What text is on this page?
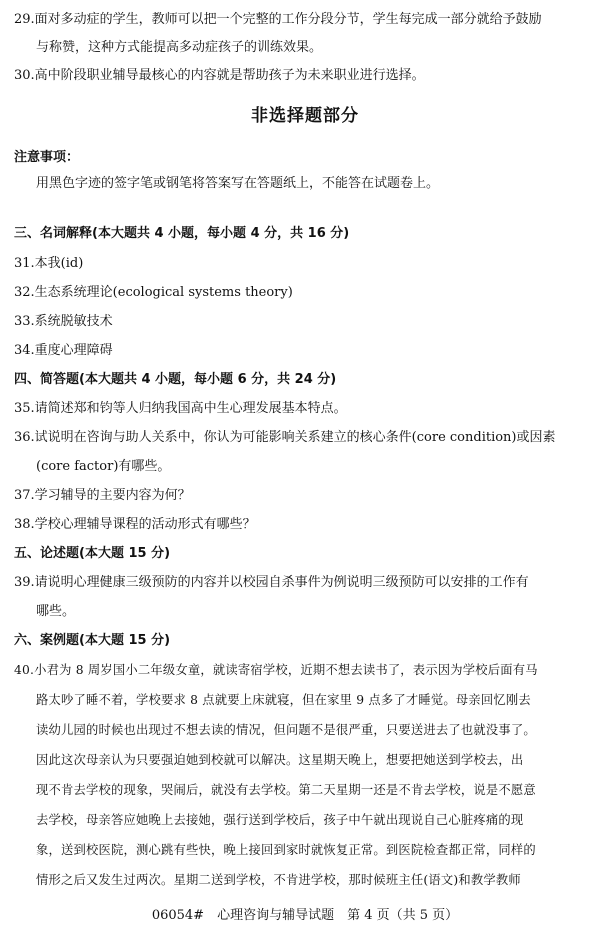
29.面对多动症的学生，教师可以把一个完整的工作分段分节，学生每完成一部分就给予鼓励
与称赞，这种方式能提高多动症孩子的训练效果。
30.高中阶段职业辅导最核心的内容就是帮助孩子为未来职业进行选择。
非选择题部分
注意事项：
用黑色字迹的签字笔或钢笔将答案写在答题纸上，不能答在试题卷上。
三、名词解释(本大题共 4 小题，每小题 4 分，共 16 分)
31.本我(id)
32.生态系统理论(ecological systems theory)
33.系统脱敏技术
34.重度心理障碍
四、简答题(本大题共 4 小题，每小题 6 分，共 24 分)
35.请简述郑和钧等人归纳我国高中生心理发展基本特点。
36.试说明在咨询与助人关系中，你认为可能影响关系建立的核心条件(core condition)或因素
(core factor)有哪些。
37.学习辅导的主要内容为何？
38.学校心理辅导课程的活动形式有哪些？
五、论述题(本大题 15 分)
39.请说明心理健康三级预防的内容并以校园自杀事件为例说明三级预防可以安排的工作有
哪些。
六、案例题(本大题 15 分)
40.小君为 8 周岁国小二年级女童，就读寄宿学校，近期不想去读书了，表示因为学校后面有马
路太吵了睡不着，学校要求 8 点就要上床就寝，但在家里 9 点多了才睡觉。母亲回忆刚去
读幼儿园的时候也出现过不想去读的情况，但问题不是很严重，只要送进去了也就没事了。
因此这次母亲认为只要强迫她到校就可以解决。这星期天晚上，想要把她送到学校去，出
现不肯去学校的现象，哭闹后，就没有去学校。第二天星期一还是不肯去学校，说是不愿意
去学校，母亲答应她晚上去接她，强行送到学校后，孩子中午就出现说自己心脏疼痛的现
象，送到校医院，测心跳有些快，晚上接回到家时就恢复正常。到医院检查都正常，同样的
情形之后又发生过两次。星期二送到学校，不肯进学校，那时候班主任(语文)和教学教师
06054#　心理咨询与辅导试题　第 4 页（共 5 页）
